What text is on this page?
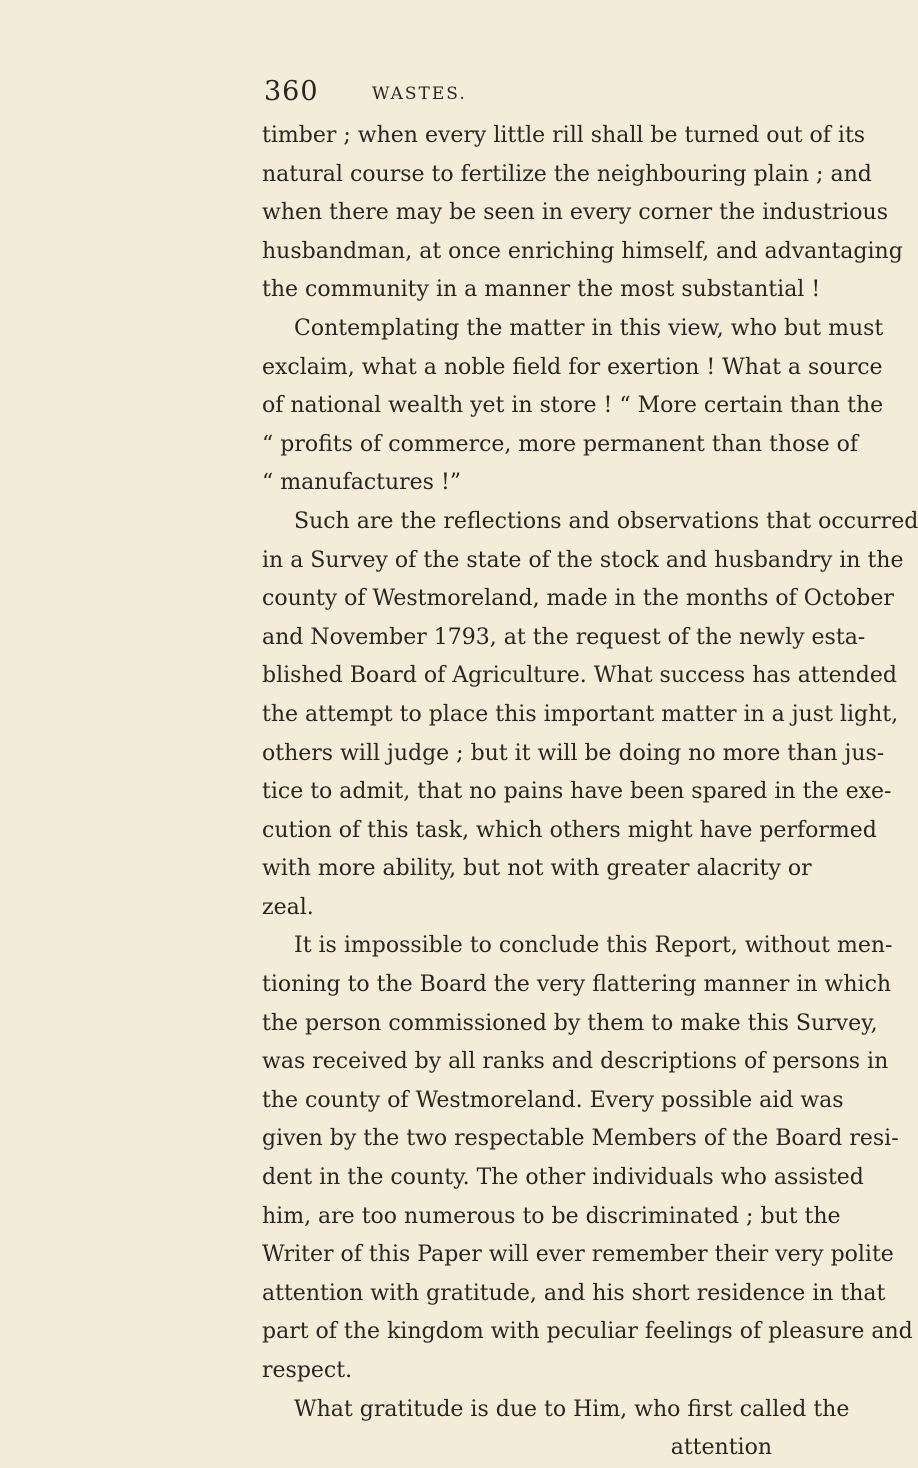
360	WASTES.
timber ; when every little rill shall be turned out of its
natural course to fertilize the neighbouring plain ; and
when there may be seen in every corner the industrious
husbandman, at once enriching himself, and advantaging
the community in a manner the most substantial !
Contemplating the matter in this view, who but must
exclaim, what a noble field for exertion ! What a source
of national wealth yet in store ! “ More certain than the
“ profits of commerce, more permanent than those of
“ manufactures !”
Such are the reflections and observations that occurred
in a Survey of the state of the stock and husbandry in the
county of Westmoreland, made in the months of October
and November 1793, at the request of the newly esta-
blished Board of Agriculture. What success has attended
the attempt to place this important matter in a just light,
others will judge ; but it will be doing no more than jus-
tice to admit, that no pains have been spared in the exe-
cution of this task, which others might have performed
with more ability, but not with greater alacrity or
zeal.
It is impossible to conclude this Report, without men-
tioning to the Board the very flattering manner in which
the person commissioned by them to make this Survey,
was received by all ranks and descriptions of persons in
the county of Westmoreland. Every possible aid was
given by the two respectable Members of the Board resi-
dent in the county. The other individuals who assisted
him, are too numerous to be discriminated ; but the
Writer of this Paper will ever remember their very polite
attention with gratitude, and his short residence in that
part of the kingdom with peculiar feelings of pleasure and
respect.
What gratitude is due to Him, who first called the
attention
